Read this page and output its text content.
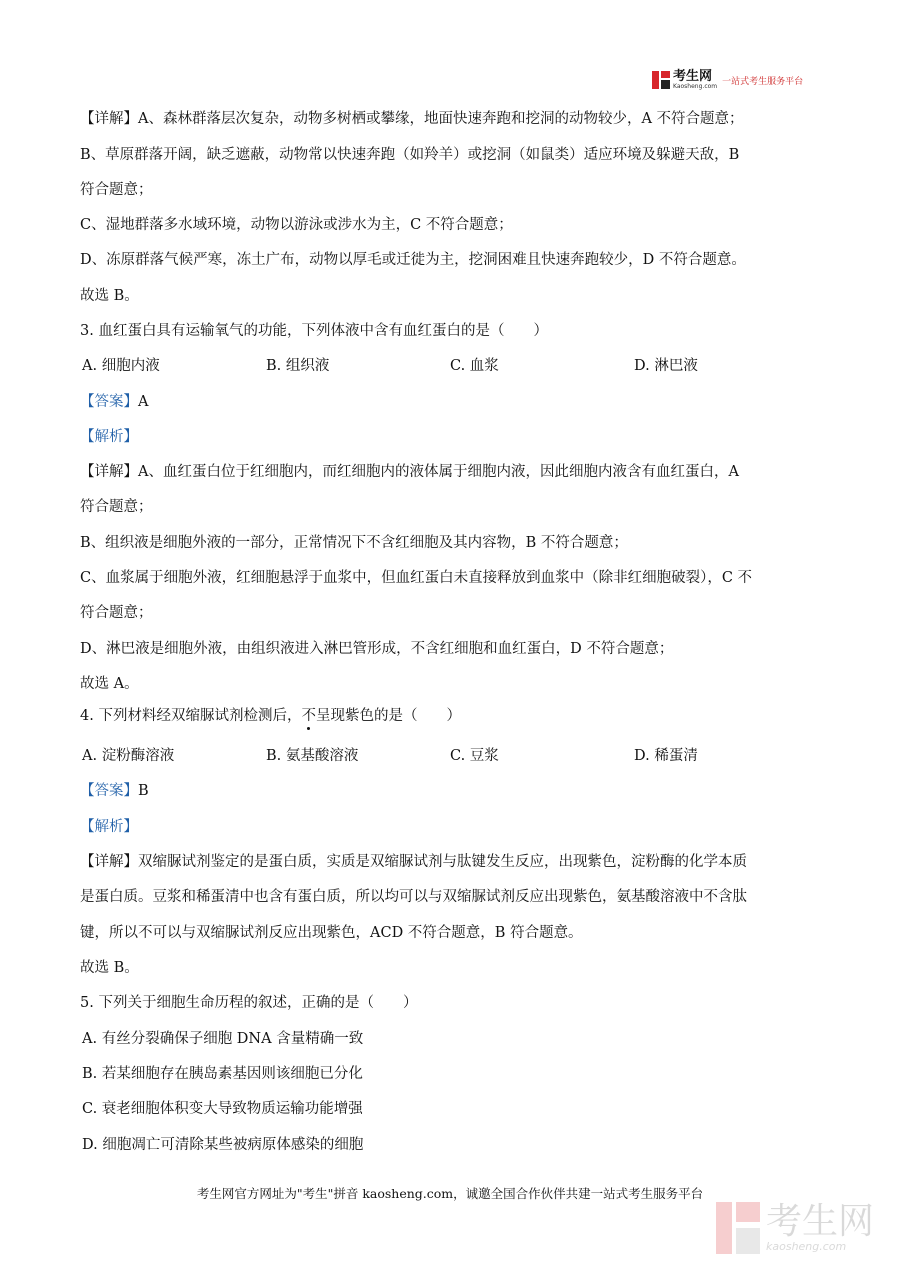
考生网
Kaosheng.com 一站式考生服务平台
【详解】A、森林群落层次复杂，动物多树栖或攀缘，地面快速奔跑和挖洞的动物较少，A 不符合题意；
B、草原群落开阔，缺乏遮蔽，动物常以快速奔跑（如羚羊）或挖洞（如鼠类）适应环境及躲避天敌，B
符合题意；
C、湿地群落多水域环境，动物以游泳或涉水为主，C 不符合题意；
D、冻原群落气候严寒，冻土广布，动物以厚毛或迁徙为主，挖洞困难且快速奔跑较少，D 不符合题意。
故选 B。
3. 血红蛋白具有运输氧气的功能，下列体液中含有血红蛋白的是（　　）
A. 细胞内液	B. 组织液	C. 血浆	D. 淋巴液
【答案】A
【解析】
【详解】A、血红蛋白位于红细胞内，而红细胞内的液体属于细胞内液，因此细胞内液含有血红蛋白，A
符合题意；
B、组织液是细胞外液的一部分，正常情况下不含红细胞及其内容物，B 不符合题意；
C、血浆属于细胞外液，红细胞悬浮于血浆中，但血红蛋白未直接释放到血浆中（除非红细胞破裂），C 不
符合题意；
D、淋巴液是细胞外液，由组织液进入淋巴管形成，不含红细胞和血红蛋白，D 不符合题意；
故选 A。
4. 下列材料经双缩脲试剂检测后，不呈现紫色的是（　　）
A. 淀粉酶溶液	B. 氨基酸溶液	C. 豆浆	D. 稀蛋清
【答案】B
【解析】
【详解】双缩脲试剂鉴定的是蛋白质，实质是双缩脲试剂与肽键发生反应，出现紫色，淀粉酶的化学本质
是蛋白质。豆浆和稀蛋清中也含有蛋白质，所以均可以与双缩脲试剂反应出现紫色，氨基酸溶液中不含肽
键，所以不可以与双缩脲试剂反应出现紫色，ACD 不符合题意，B 符合题意。
故选 B。
5. 下列关于细胞生命历程的叙述，正确的是（　　）
A. 有丝分裂确保子细胞 DNA 含量精确一致
B. 若某细胞存在胰岛素基因则该细胞已分化
C. 衰老细胞体积变大导致物质运输功能增强
D. 细胞凋亡可清除某些被病原体感染的细胞
考生网官方网址为"考生"拼音 kaosheng.com，诚邀全国合作伙伴共建一站式考生服务平台
考生网
kaosheng.com
